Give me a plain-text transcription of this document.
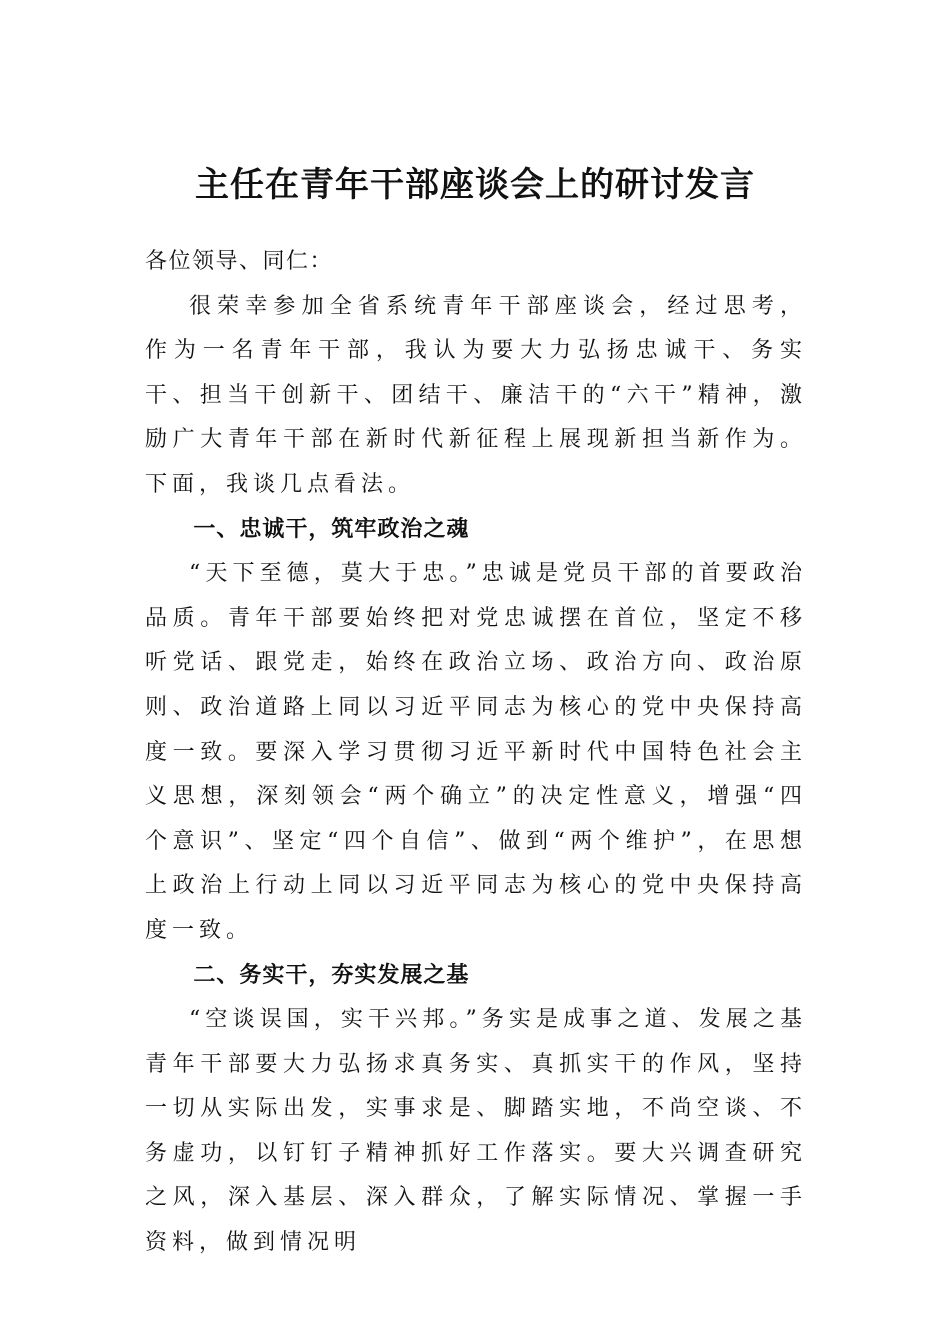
主任在青年干部座谈会上的研讨发言

各位领导、同仁：

很荣幸参加全省系统青年干部座谈会，经过思考，作为一名青年干部，我认为要大力弘扬忠诚干、务实干、担当干创新干、团结干、廉洁干的“六干”精神，激励广大青年干部在新时代新征程上展现新担当新作为。下面，我谈几点看法。

一、忠诚干，筑牢政治之魂

“天下至德，莫大于忠。”忠诚是党员干部的首要政治品质。青年干部要始终把对党忠诚摆在首位，坚定不移听党话、跟党走，始终在政治立场、政治方向、政治原则、政治道路上同以习近平同志为核心的党中央保持高度一致。要深入学习贯彻习近平新时代中国特色社会主义思想，深刻领会“两个确立”的决定性意义，增强“四个意识”、坚定“四个自信”、做到“两个维护”，在思想上政治上行动上同以习近平同志为核心的党中央保持高度一致。

二、务实干，夯实发展之基

“空谈误国，实干兴邦。”务实是成事之道、发展之基青年干部要大力弘扬求真务实、真抓实干的作风，坚持一切从实际出发，实事求是、脚踏实地，不尚空谈、不务虚功，以钉钉子精神抓好工作落实。要大兴调查研究之风，深入基层、深入群众，了解实际情况、掌握一手资料，做到情况明
